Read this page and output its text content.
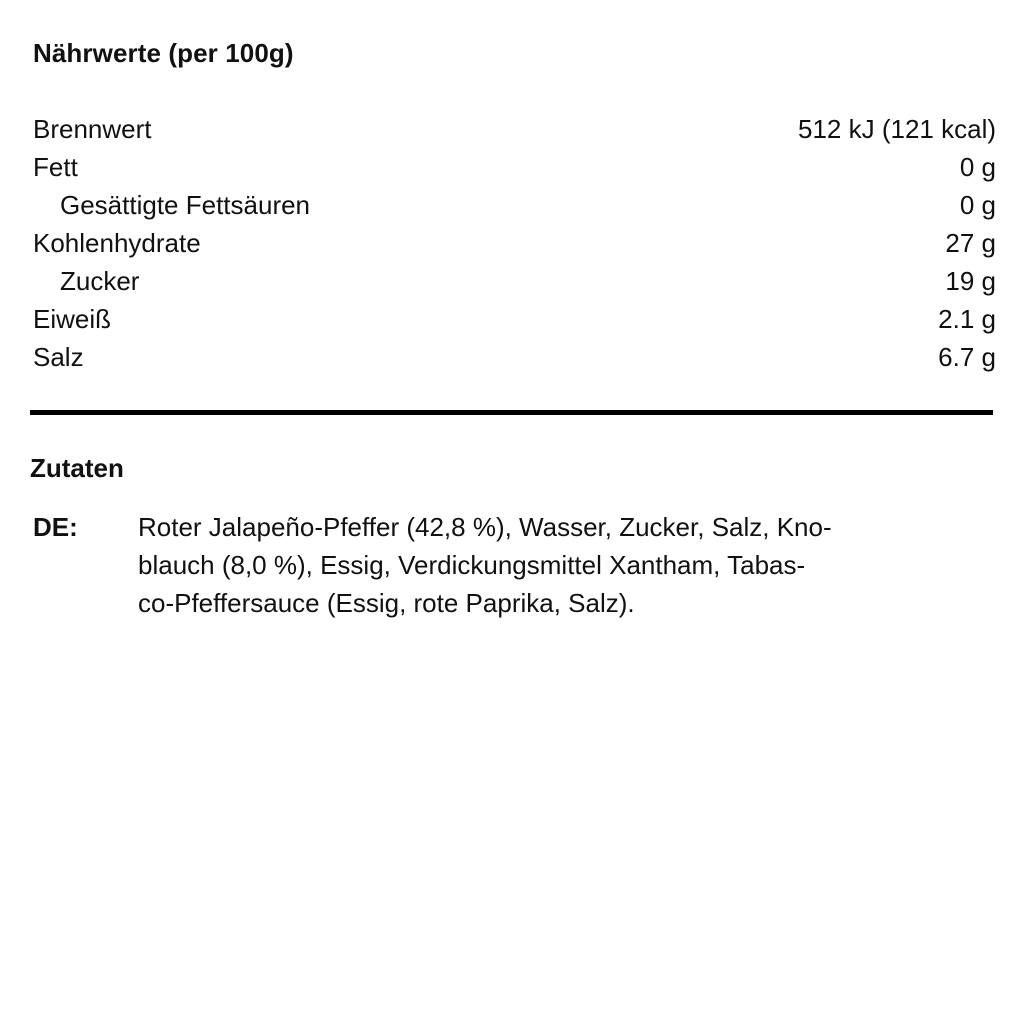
Nährwerte (per 100g)
Brennwert	512 kJ (121 kcal)
Fett	0 g
Gesättigte Fettsäuren	0 g
Kohlenhydrate	27 g
Zucker	19 g
Eiweiß	2.1 g
Salz	6.7 g
Zutaten
DE: Roter Jalapeño-Pfeffer (42,8 %), Wasser, Zucker, Salz, Kno-
blauch (8,0 %), Essig, Verdickungsmittel Xantham, Tabas-
co-Pfeffersauce (Essig, rote Paprika, Salz).
